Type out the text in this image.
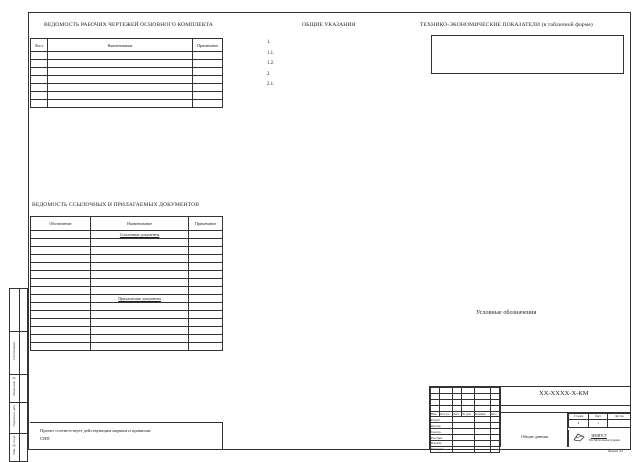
Согласовано	
Взам. инв. №	
Подпись и дата	
Инв. № подл.	
ВЕДОМОСТЬ РАБОЧИХ ЧЕРТЕЖЕЙ ОСНОВНОГО КОМПЛЕКТА
Лист	Наименование	Примечание

ОБЩИЕ УКАЗАНИЯ
1.
1.1.
1.2.
2.
2.1.
ТЕХНИКО-ЭКОНОМИЧЕСКИЕ ПОКАЗАТЕЛИ (в табличной форме)
ВЕДОМОСТЬ ССЫЛОЧНЫХ И ПРИЛАГАЕМЫХ ДОКУМЕНТОВ
Обозначение	Наименование	Примечание
	Ссылочные документы	

	Прилагаемые документы	

Условные обозначения
Проект соответствует действующим нормам и правилам
СНП

Изм.	Кол.уч.	Лист	№ док.	Подпись	Дата
Разраб.					
Провер.					
Т.контр.					
Рук.бриг.					
Н.контр.					
Утвердил					
ХХ-ХХХХ-Х-КМ
Общие данные
Стадия	Лист	Листов
Р	1	
ЗЕНИТСТ
Все Металлоконструкции
Формат А3
